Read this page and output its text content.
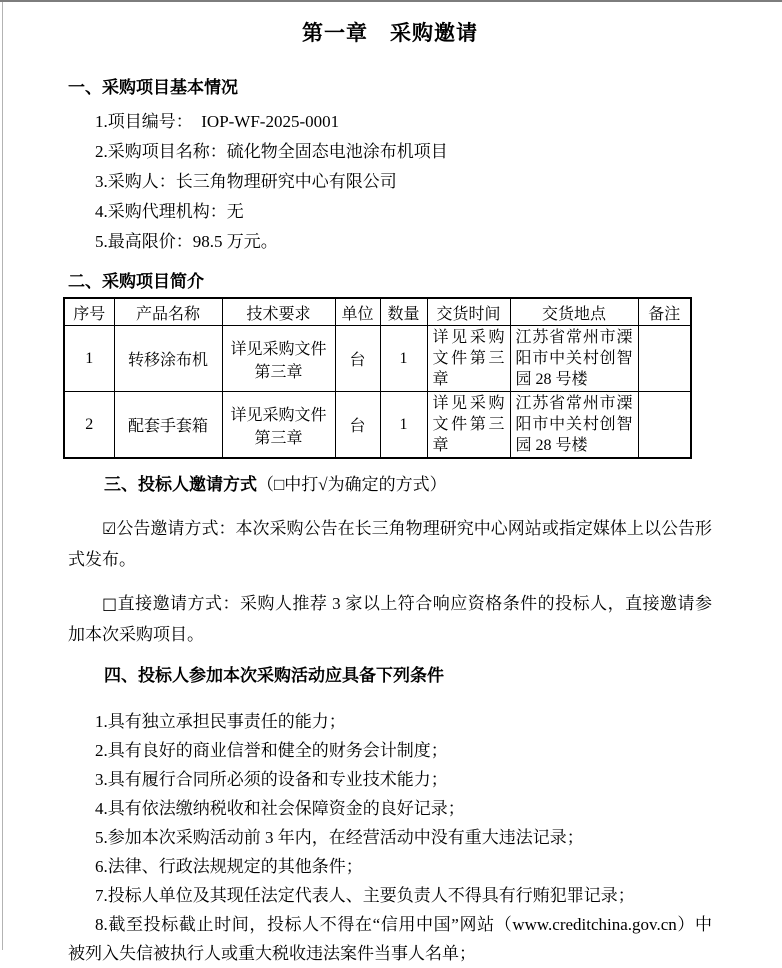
第一章　采购邀请
一、采购项目基本情况

1.项目编号：　IOP-WF-2025-0001

2.采购项目名称：硫化物全固态电池涂布机项目

3.采购人：长三角物理研究中心有限公司

4.采购代理机构：无

5.最高限价：98.5 万元。

二、采购项目简介
序号	产品名称	技术要求	单位	数量	交货时间	交货地点	备注
1	转移涂布机	详见采购文件第三章	台	1	详见采购文件第三章	江苏省常州市溧阳市中关村创智园 28 号楼	
2	配套手套箱	详见采购文件第三章	台	1	详见采购文件第三章	江苏省常州市溧阳市中关村创智园 28 号楼	
三、投标人邀请方式（□中打√为确定的方式）

☑公告邀请方式：本次采购公告在长三角物理研究中心网站或指定媒体上以公告形式发布。

□直接邀请方式：采购人推荐 3 家以上符合响应资格条件的投标人，直接邀请参加本次采购项目。

四、投标人参加本次采购活动应具备下列条件

1.具有独立承担民事责任的能力；

2.具有良好的商业信誉和健全的财务会计制度；

3.具有履行合同所必须的设备和专业技术能力；

4.具有依法缴纳税收和社会保障资金的良好记录；

5.参加本次采购活动前 3 年内，在经营活动中没有重大违法记录；

6.法律、行政法规规定的其他条件；

7.投标人单位及其现任法定代表人、主要负责人不得具有行贿犯罪记录；

8.截至投标截止时间，投标人不得在“信用中国”网站（www.creditchina.gov.cn）中被列入失信被执行人或重大税收违法案件当事人名单；
